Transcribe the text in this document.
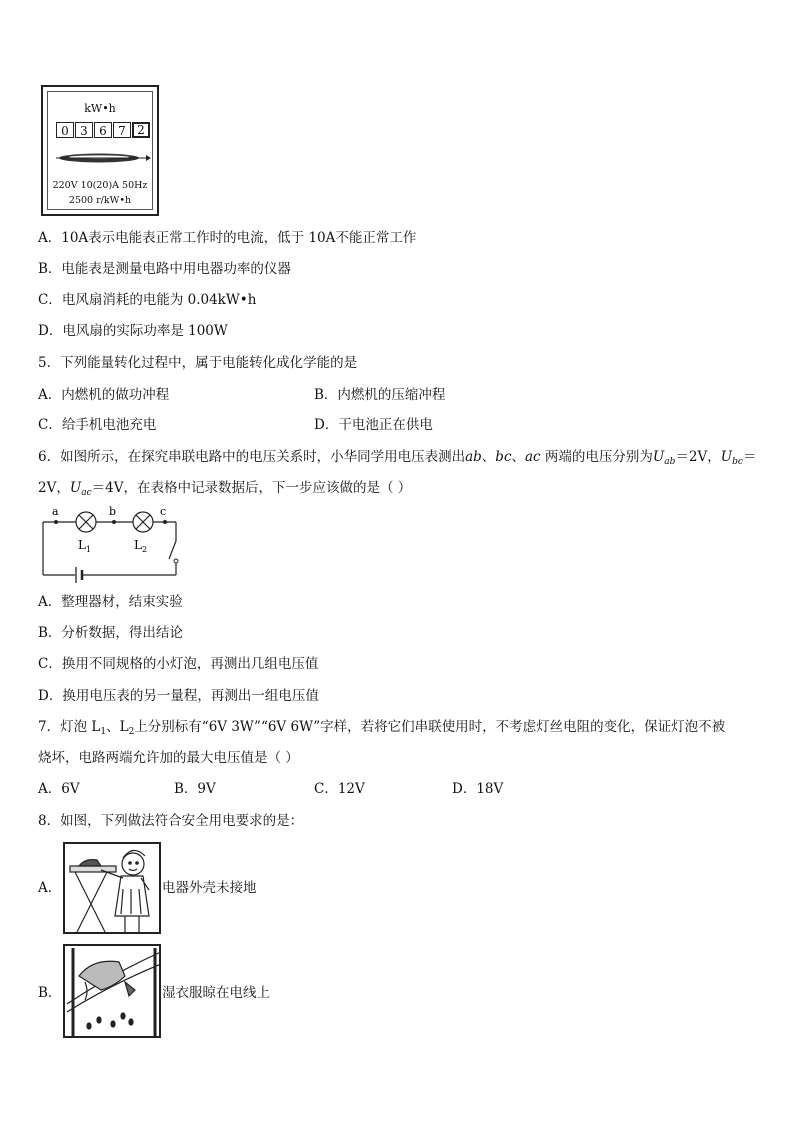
kW•h
0 3 6 7 2
220V 10(20)A 50Hz
2500 r/kW•h
A．10A表示电能表正常工作时的电流，低于 10A不能正常工作
B．电能表是测量电路中用电器功率的仪器
C．电风扇消耗的电能为 0.04kW•h
D．电风扇的实际功率是 100W
5．下列能量转化过程中，属于电能转化成化学能的是
A．内燃机的做功冲程	B．内燃机的压缩冲程
C．给手机电池充电	D．干电池正在供电
6．如图所示，在探究串联电路中的电压关系时，小华同学用电压表测出ab、bc、ac 两端的电压分别为$U_{ab}=2V$，$U_{bc}=$
2V，$U_{ac}=4V$，在表格中记录数据后，下一步应该做的是（ ）
a	b	c
$L_1$	$L_2$
A．整理器材，结束实验
B．分析数据，得出结论
C．换用不同规格的小灯泡，再测出几组电压值
D．换用电压表的另一量程，再测出一组电压值
7．灯泡 $L_1$、$L_2$上分别标有“6V 3W”“6V 6W”字样，若将它们串联使用时，不考虑灯丝电阻的变化，保证灯泡不被
烧坏，电路两端允许加的最大电压值是（ ）
A．6V	B．9V	C．12V	D．18V
8．如图，下列做法符合安全用电要求的是：
A．	电器外壳未接地
B．	湿衣服晾在电线上
